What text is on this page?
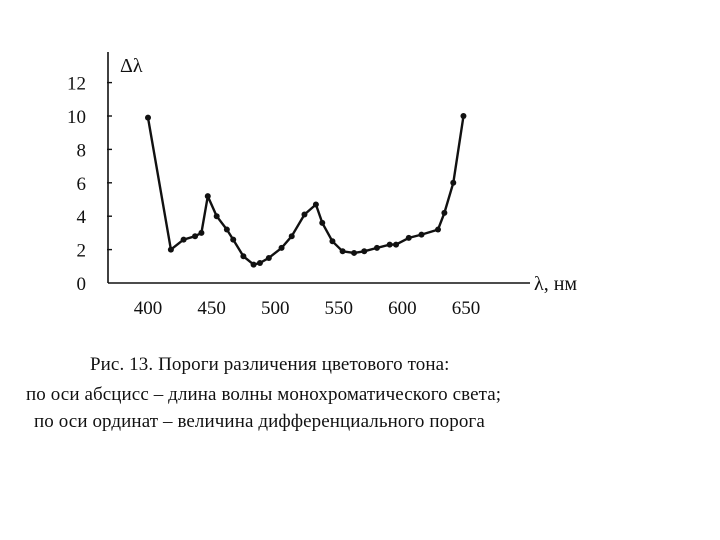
0
2
4
6
8
10
12
400 450 500 550 600 650
Δλ
λ, нм
Рис. 13. Пороги различения цветового тона:
по оси абсцисс – длина волны монохроматического света;
по оси ординат – величина дифференциального порога
